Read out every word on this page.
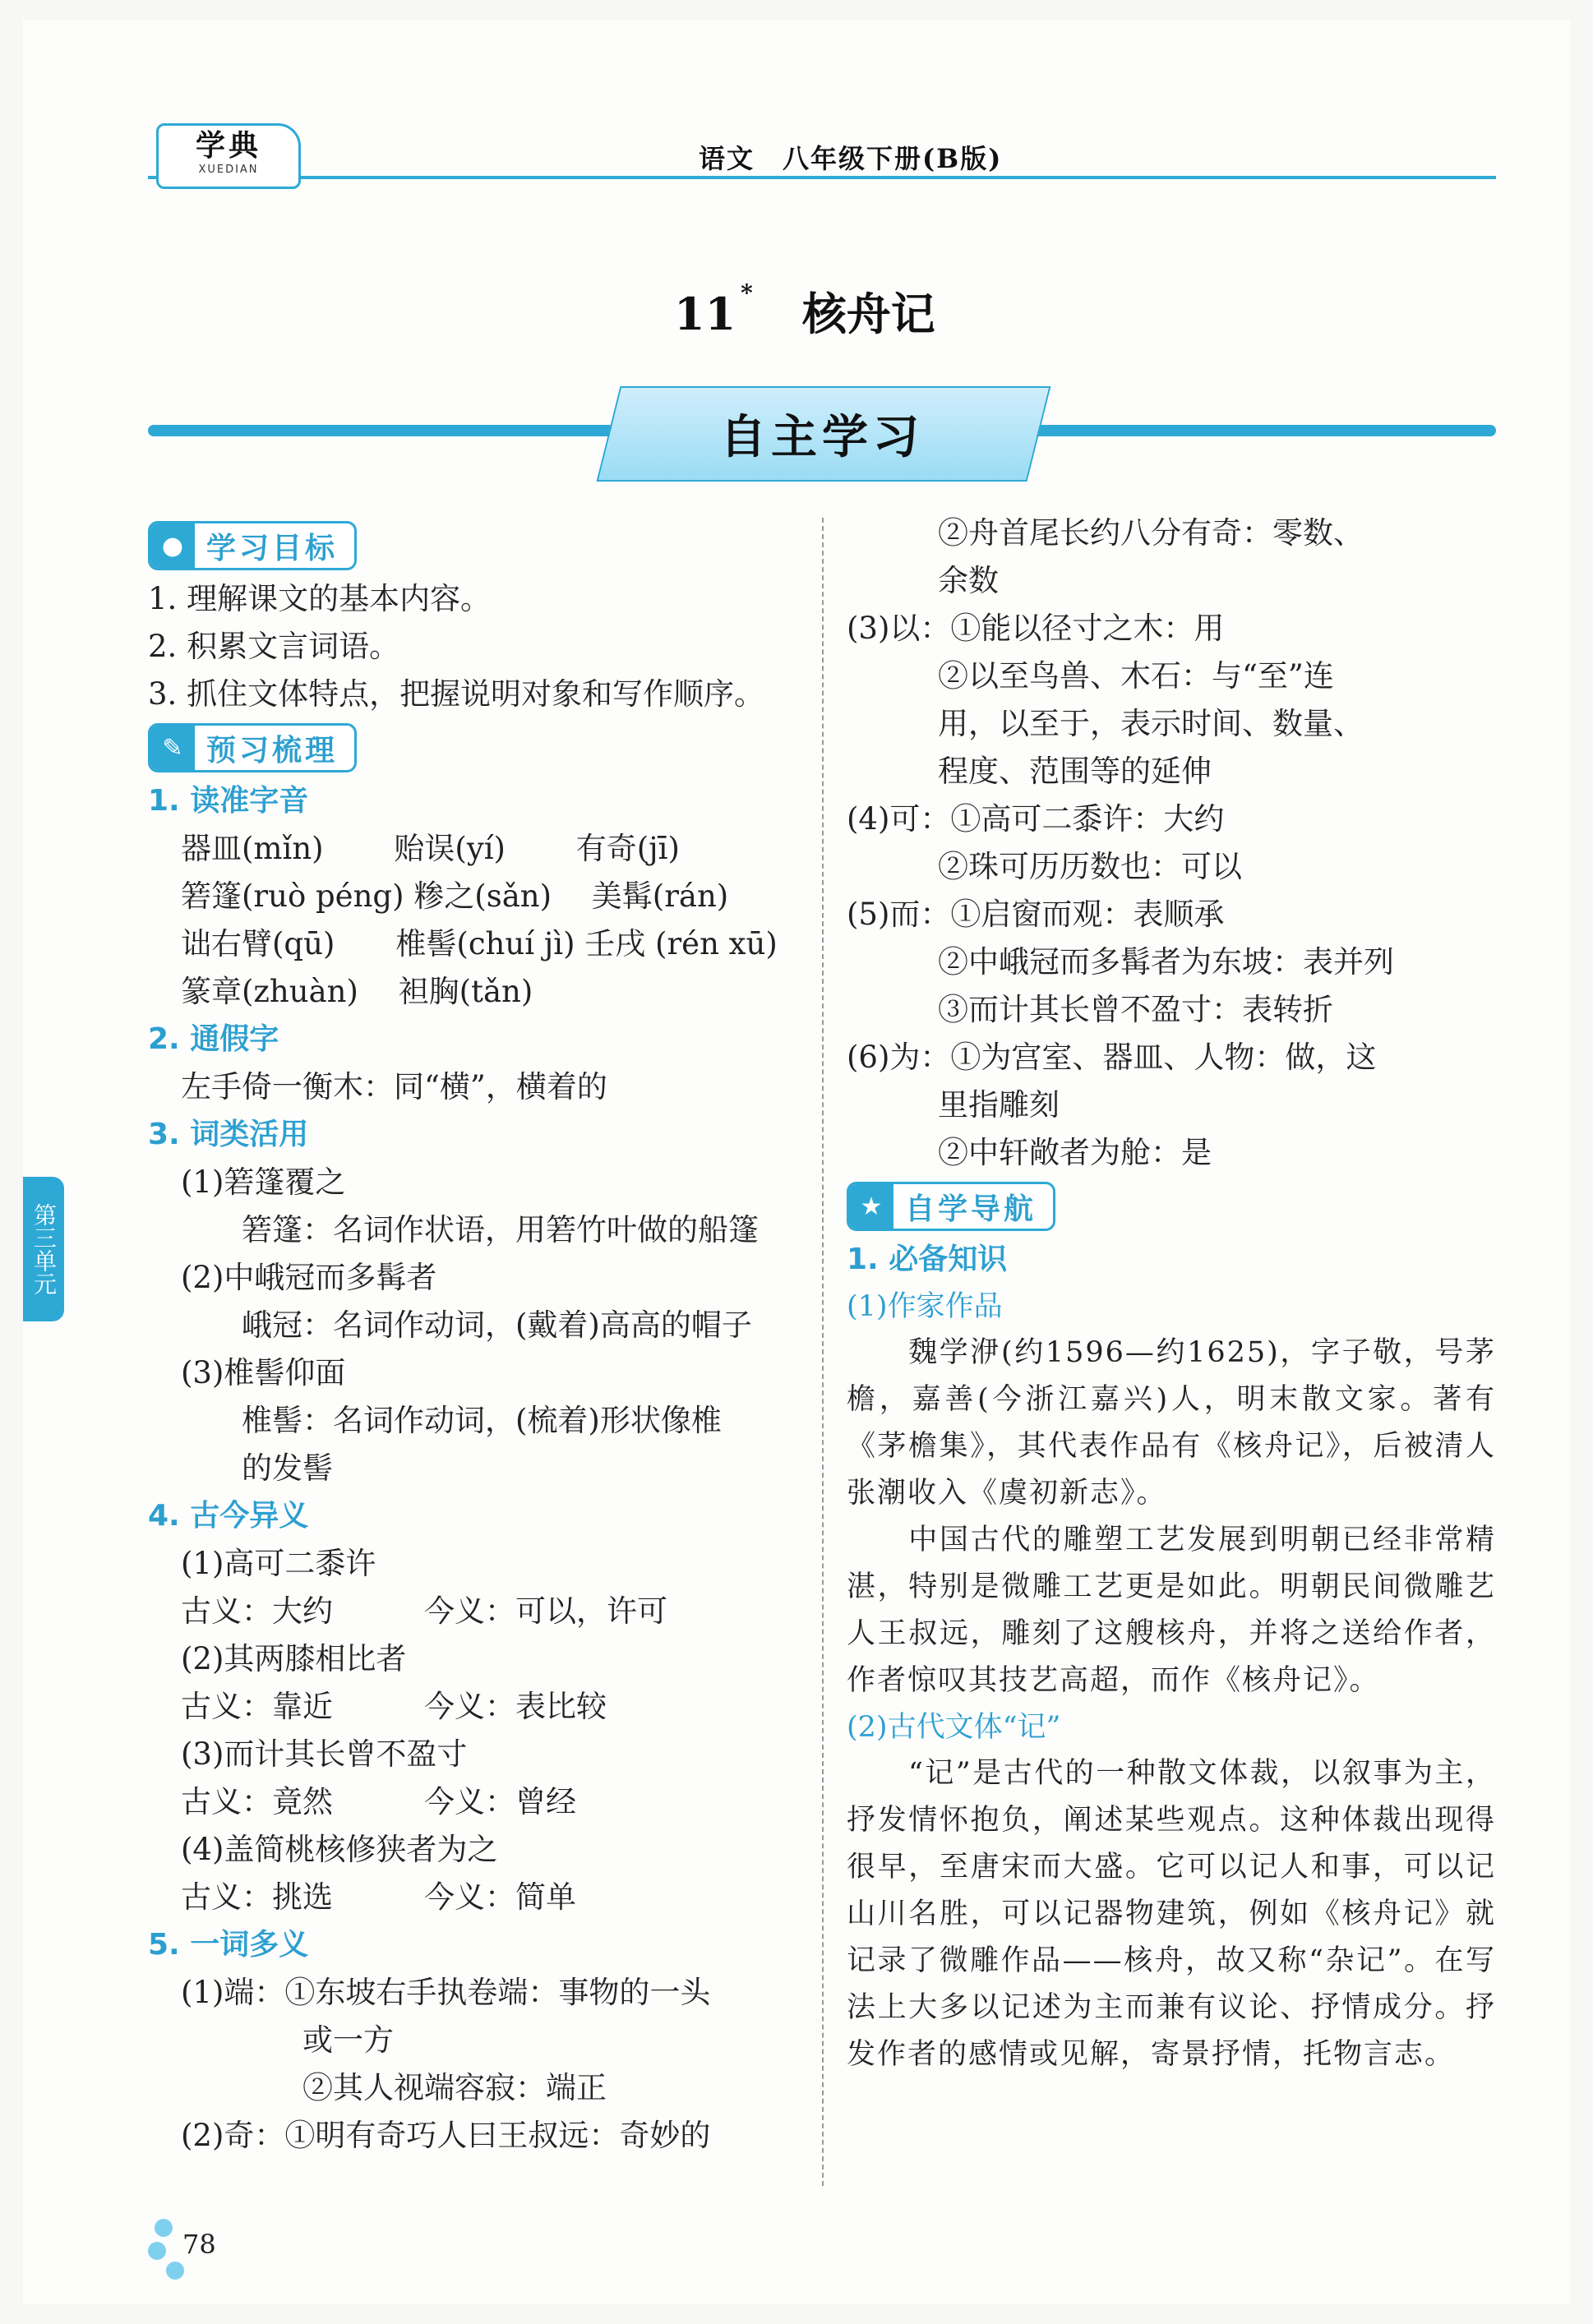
学典
XUEDIAN	语文　八年级下册(B版)
11 * 核舟记
自主学习
● 学习目标
1. 理解课文的基本内容。
2. 积累文言词语。
3. 抓住文体特点，把握说明对象和写作顺序。
✎ 预习梳理
1. 读准字音
器皿(mǐn)　　 贻误(yí)　　 有奇(jī)
箬篷(ruò péng) 糁之(sǎn)　 美髯(rán)
诎右臂(qū)　　椎髻(chuí jì) 壬戌 (rén xū)
篆章(zhuàn)　 袒胸(tǎn)
2. 通假字
左手倚一衡木：同“横”，横着的
3. 词类活用
(1)箬篷覆之
　　箬篷：名词作状语，用箬竹叶做的船篷
(2)中峨冠而多髯者
　　峨冠：名词作动词，(戴着)高高的帽子
(3)椎髻仰面
　　椎髻：名词作动词，(梳着)形状像椎
　　的发髻
4. 古今异义
(1)高可二黍许
古义：大约　　　今义：可以，许可
(2)其两膝相比者
古义：靠近　　　今义：表比较
(3)而计其长曾不盈寸
古义：竟然　　　今义：曾经
(4)盖简桃核修狭者为之
古义：挑选　　　今义：简单
5. 一词多义
(1)端：①东坡右手执卷端：事物的一头
　　　　或一方
　　　　②其人视端容寂：端正
(2)奇：①明有奇巧人曰王叔远：奇妙的
　　　②舟首尾长约八分有奇：零数、
　　　余数
(3)以：①能以径寸之木：用
　　　②以至鸟兽、木石：与“至”连
　　　用，以至于，表示时间、数量、
　　　程度、范围等的延伸
(4)可：①高可二黍许：大约
　　　②珠可历历数也：可以
(5)而：①启窗而观：表顺承
　　　②中峨冠而多髯者为东坡：表并列
　　　③而计其长曾不盈寸：表转折
(6)为：①为宫室、器皿、人物：做，这
　　　里指雕刻
　　　②中轩敞者为舱：是
★ 自学导航
1. 必备知识
(1)作家作品
　　魏学洢(约1596—约1625)，字子敬，号茅檐，嘉善(今浙江嘉兴)人，明末散文家。著有《茅檐集》，其代表作品有《核舟记》，后被清人张潮收入《虞初新志》。
　　中国古代的雕塑工艺发展到明朝已经非常精湛，特别是微雕工艺更是如此。明朝民间微雕艺人王叔远，雕刻了这艘核舟，并将之送给作者，作者惊叹其技艺高超，而作《核舟记》。
(2)古代文体“记”
　　“记”是古代的一种散文体裁，以叙事为主，抒发情怀抱负，阐述某些观点。这种体裁出现得很早，至唐宋而大盛。它可以记人和事，可以记山川名胜，可以记器物建筑，例如《核舟记》就记录了微雕作品——核舟，故又称“杂记”。在写法上大多以记述为主而兼有议论、抒情成分。抒发作者的感情或见解，寄景抒情，托物言志。
第三单元
78
